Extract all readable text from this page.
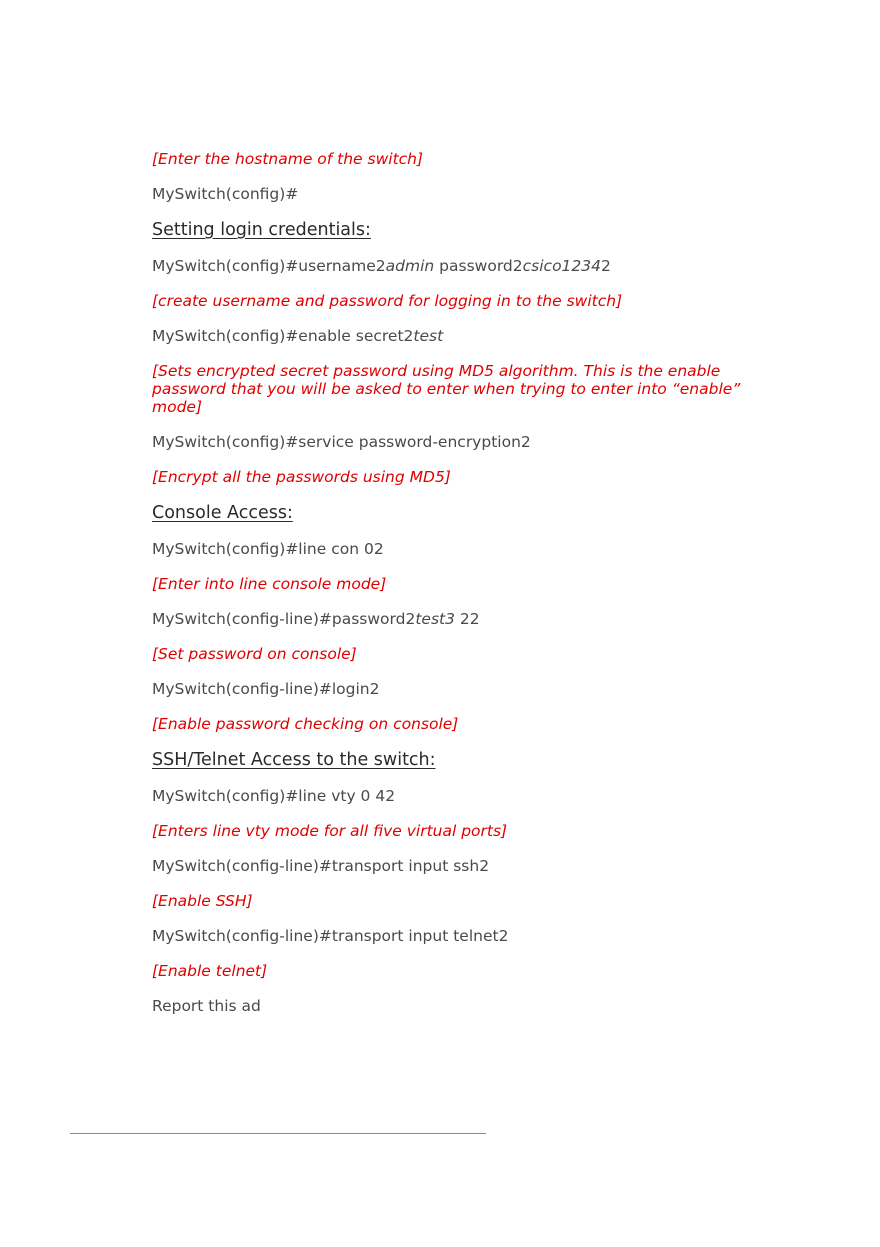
[Enter the hostname of the switch]

MySwitch(config)#

Setting login credentials:

MySwitch(config)#username2admin password2csico12342

[create username and password for logging in to the switch]

MySwitch(config)#enable secret2test

[Sets encrypted secret password using MD5 algorithm. This is the enable password that you will be asked to enter when trying to enter into “enable” mode]

MySwitch(config)#service password-encryption2

[Encrypt all the passwords using MD5]

Console Access:

MySwitch(config)#line con 02

[Enter into line console mode]

MySwitch(config-line)#password2test3 22

[Set password on console]

MySwitch(config-line)#login2

[Enable password checking on console]

SSH/Telnet Access to the switch:

MySwitch(config)#line vty 0 42

[Enters line vty mode for all five virtual ports]

MySwitch(config-line)#transport input ssh2

[Enable SSH]

MySwitch(config-line)#transport input telnet2

[Enable telnet]

Report this ad
